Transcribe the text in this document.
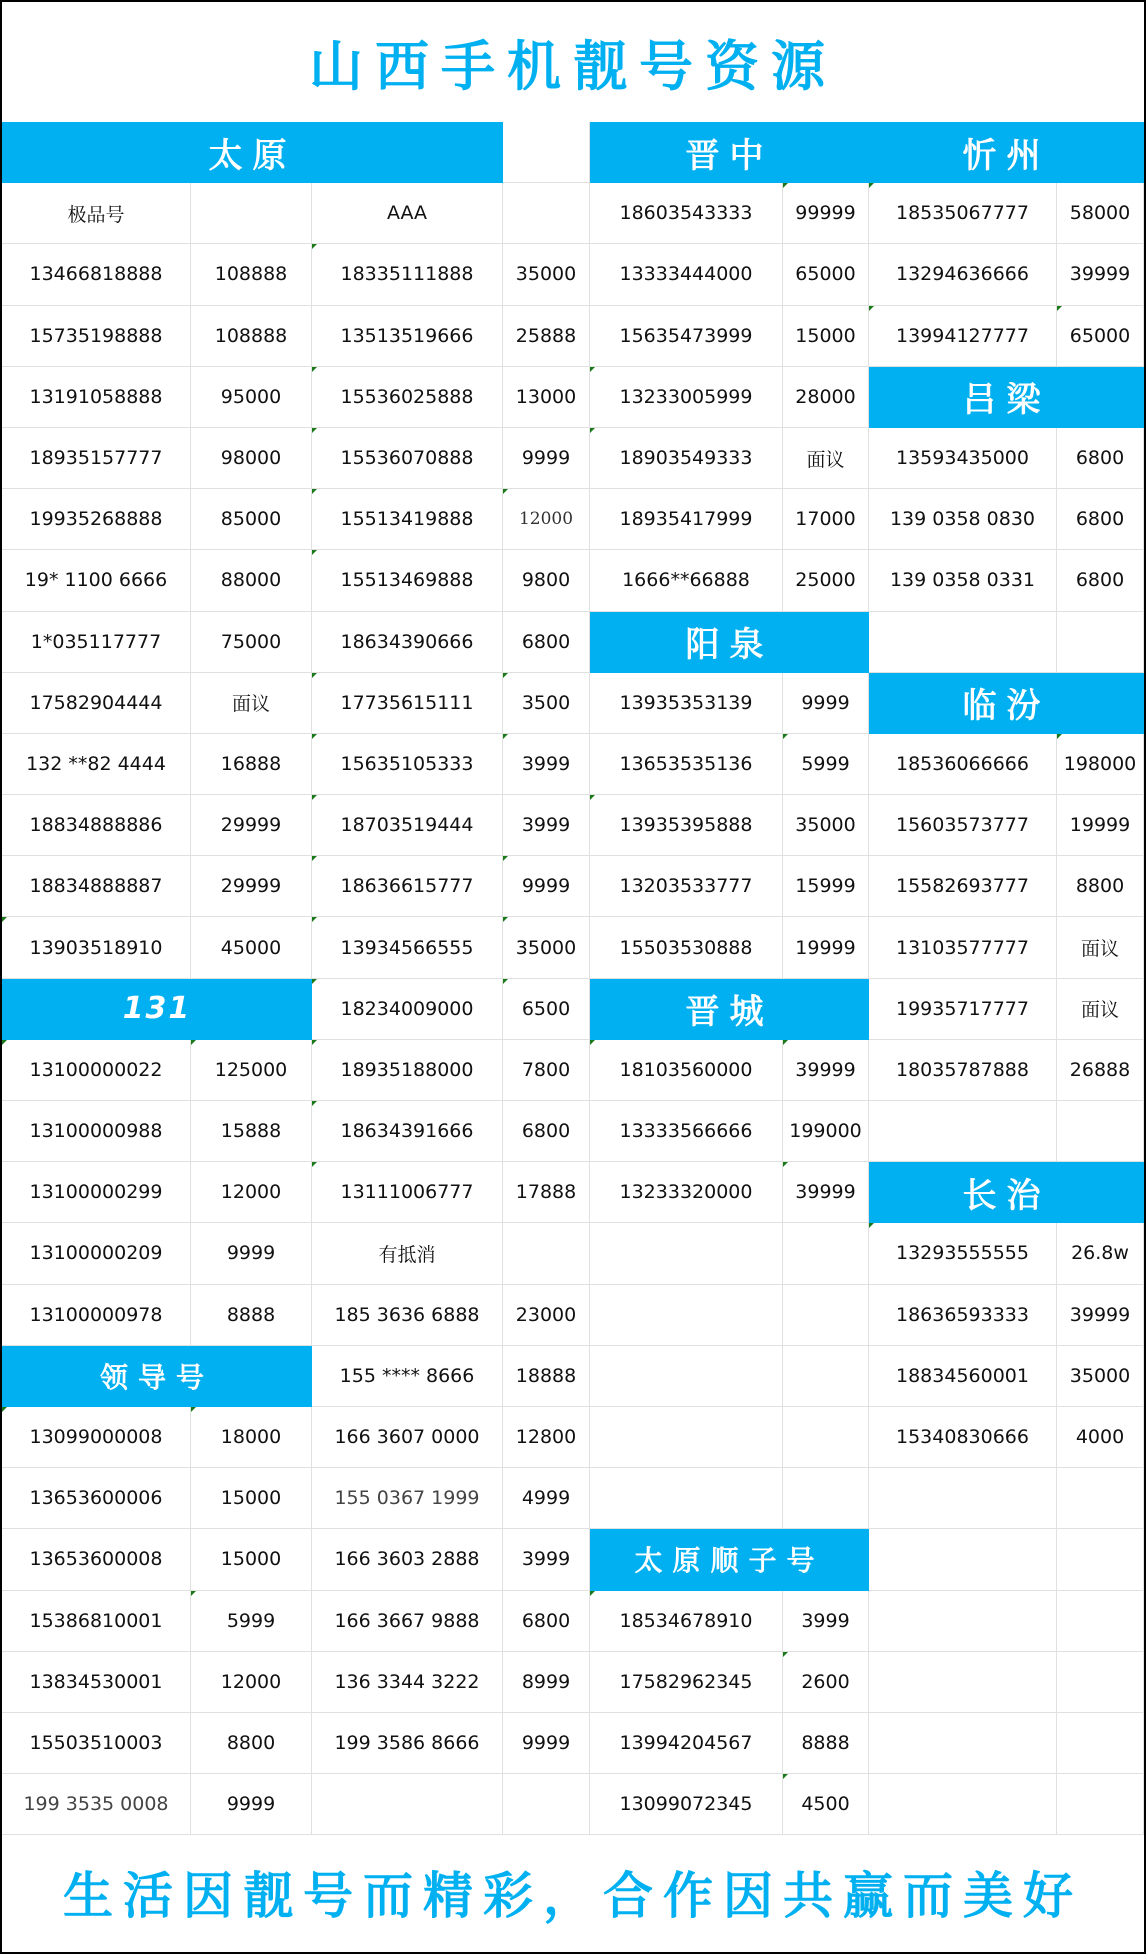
山西手机靓号资源
太原	晋中	忻州
极品号	AAA
13466818888	108888
15735198888	108888
13191058888	95000
18935157777	98000
19935268888	85000
19* 1100 6666	88000
1*035117777	75000
17582904444	面议
132 **82 4444	16888
18834888886	29999
18834888887	29999
13903518910	45000
131
13100000022	125000
13100000988	15888
13100000299	12000
13100000209	9999
13100000978	8888
领导号
13099000008	18000
13653600006	15000
13653600008	15000
15386810001	5999
13834530001	12000
15503510003	8800
199 3535 0008	9999
18335111888	35000
13513519666	25888
15536025888	13000
15536070888	9999
15513419888	12000
15513469888	9800
18634390666	6800
17735615111	3500
15635105333	3999
18703519444	3999
18636615777	9999
13934566555	35000
18234009000	6500
18935188000	7800
18634391666	6800
13111006777	17888
有抵消
185 3636 6888	23000
155 **** 8666	18888
166 3607 0000	12800
155 0367 1999	4999
166 3603 2888	3999
166 3667 9888	6800
136 3344 3222	8999
199 3586 8666	9999
18603543333	99999
13333444000	65000
15635473999	15000
13233005999	28000
18903549333	面议
18935417999	17000
1666**66888	25000
阳泉
13935353139	9999
13653535136	5999
13935395888	35000
13203533777	15999
15503530888	19999
晋城
18103560000	39999
13333566666	199000
13233320000	39999
太原顺子号
18534678910	3999
17582962345	2600
13994204567	8888
13099072345	4500
18535067777	58000
13294636666	39999
13994127777	65000
吕梁
13593435000	6800
139 0358 0830	6800
139 0358 0331	6800
临汾
18536066666	198000
15603573777	19999
15582693777	8800
13103577777	面议
19935717777	面议
18035787888	26888
长治
13293555555	26.8w
18636593333	39999
18834560001	35000
15340830666	4000
生活因靓号而精彩，合作因共赢而美好
